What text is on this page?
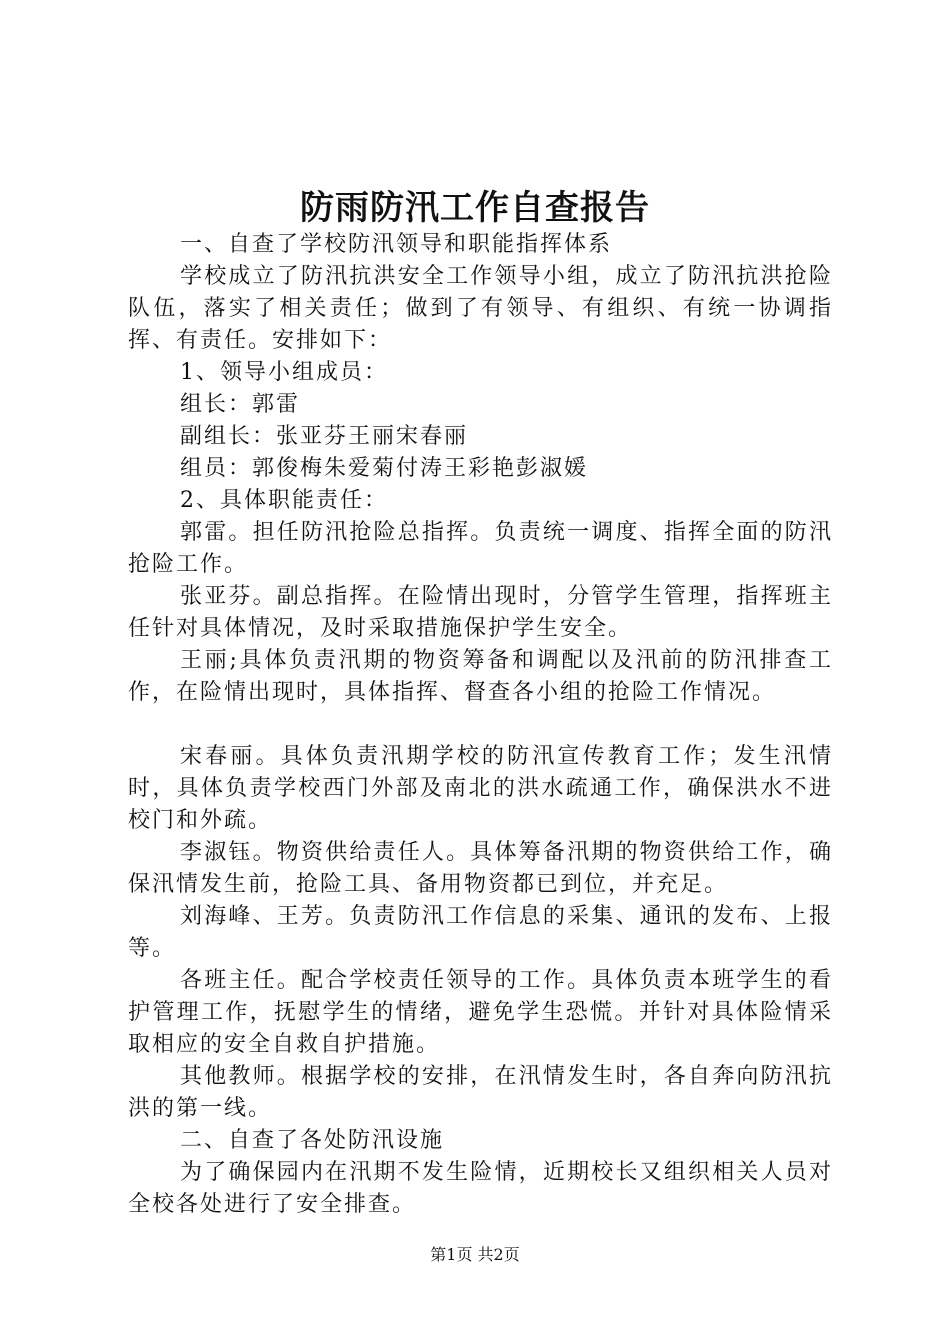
防雨防汛工作自查报告

一、自查了学校防汛领导和职能指挥体系

学校成立了防汛抗洪安全工作领导小组，成立了防汛抗洪抢险队伍，落实了相关责任；做到了有领导、有组织、有统一协调指挥、有责任。安排如下：

1、领导小组成员：

组长：郭雷

副组长：张亚芬王丽宋春丽

组员：郭俊梅朱爱菊付涛王彩艳彭淑媛

2、具体职能责任：

郭雷。担任防汛抢险总指挥。负责统一调度、指挥全面的防汛抢险工作。

张亚芬。副总指挥。在险情出现时，分管学生管理，指挥班主任针对具体情况，及时采取措施保护学生安全。

王丽;具体负责汛期的物资筹备和调配以及汛前的防汛排查工作，在险情出现时，具体指挥、督查各小组的抢险工作情况。

宋春丽。具体负责汛期学校的防汛宣传教育工作；发生汛情时，具体负责学校西门外部及南北的洪水疏通工作，确保洪水不进校门和外疏。

李淑钰。物资供给责任人。具体筹备汛期的物资供给工作，确保汛情发生前，抢险工具、备用物资都已到位，并充足。

刘海峰、王芳。负责防汛工作信息的采集、通讯的发布、上报等。

各班主任。配合学校责任领导的工作。具体负责本班学生的看护管理工作，抚慰学生的情绪，避免学生恐慌。并针对具体险情采取相应的安全自救自护措施。

其他教师。根据学校的安排，在汛情发生时，各自奔向防汛抗洪的第一线。

二、自查了各处防汛设施

为了确保园内在汛期不发生险情，近期校长又组织相关人员对全校各处进行了安全排查。

第1页 共2页
